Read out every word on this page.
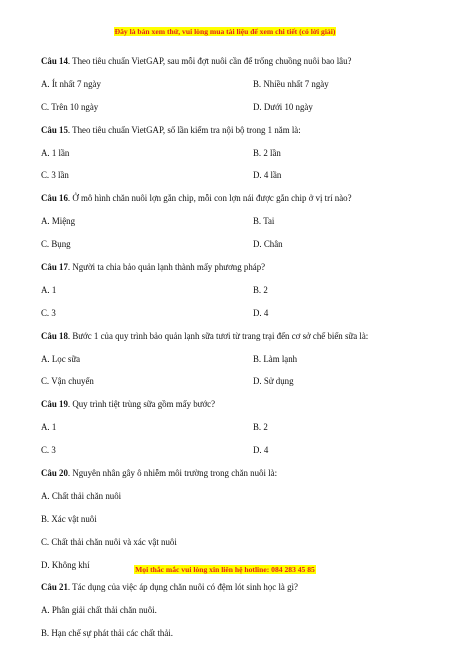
Đây là bản xem thử, vui lòng mua tài liệu để xem chi tiết (có lời giải)
Câu 14. Theo tiêu chuẩn VietGAP, sau mỗi đợt nuôi cần để trống chuồng nuôi bao lâu?
A. Ít nhất 7 ngày	B. Nhiều nhất 7 ngày
C. Trên 10 ngày	D. Dưới 10 ngày
Câu 15. Theo tiêu chuẩn VietGAP, số lần kiểm tra nội bộ trong 1 năm là:
A. 1 lần	B. 2 lần
C. 3 lần	D. 4 lần
Câu 16. Ở mô hình chăn nuôi lợn gắn chip, mỗi con lợn nái được gắn chip ở vị trí nào?
A. Miệng	B. Tai
C. Bụng	D. Chân
Câu 17. Người ta chia bảo quản lạnh thành mấy phương pháp?
A. 1	B. 2
C. 3	D. 4
Câu 18. Bước 1 của quy trình bảo quản lạnh sữa tươi từ trang trại đến cơ sở chế biến sữa là:
A. Lọc sữa	B. Làm lạnh
C. Vận chuyển	D. Sử dụng
Câu 19. Quy trình tiệt trùng sữa gồm mấy bước?
A. 1	B. 2
C. 3	D. 4
Câu 20. Nguyên nhân gây ô nhiễm môi trường trong chăn nuôi là:
A. Chất thải chăn nuôi
B. Xác vật nuôi
C. Chất thải chăn nuôi và xác vật nuôi
D. Không khí
Câu 21. Tác dụng của việc áp dụng chăn nuôi có đệm lót sinh học là gì?
A. Phân giải chất thải chăn nuôi.
B. Hạn chế sự phát thải các chất thải.
Mọi thắc mắc vui lòng xin liên hệ hotline: 084 283 45 85
